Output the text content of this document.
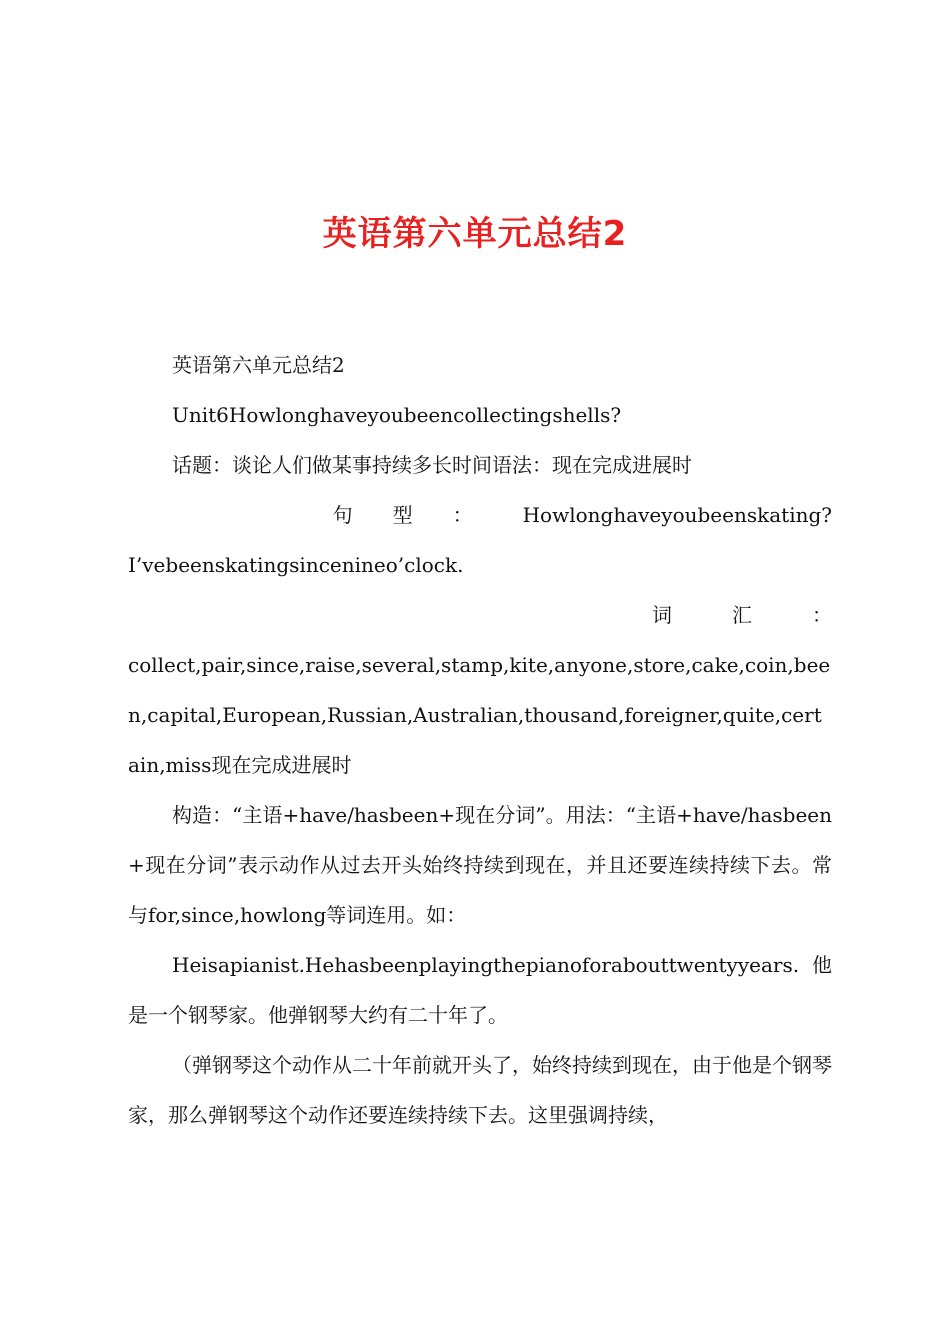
英语第六单元总结2

英语第六单元总结2

Unit6Howlonghaveyoubeencollectingshells?

话题：谈论人们做某事持续多长时间语法：现在完成进展时

句　　型　　：	Howlonghaveyoubeenskating?

I’vebeenskatingsincenineo’clock.

词　　　汇　　　：

collect,pair,since,raise,several,stamp,kite,anyone,store,cake,coin,been,capital,European,Russian,Australian,thousand,foreigner,quite,certain,miss现在完成进展时

构造：“主语+have/hasbeen+现在分词”。用法：“主语+have/hasbeen+现在分词”表示动作从过去开头始终持续到现在，并且还要连续持续下去。常与for,since,howlong等词连用。如：

Heisapianist.Hehasbeenplayingthepianoforabouttwentyyears.他是一个钢琴家。他弹钢琴大约有二十年了。

（弹钢琴这个动作从二十年前就开头了，始终持续到现在，由于他是个钢琴家，那么弹钢琴这个动作还要连续持续下去。这里强调持续，
